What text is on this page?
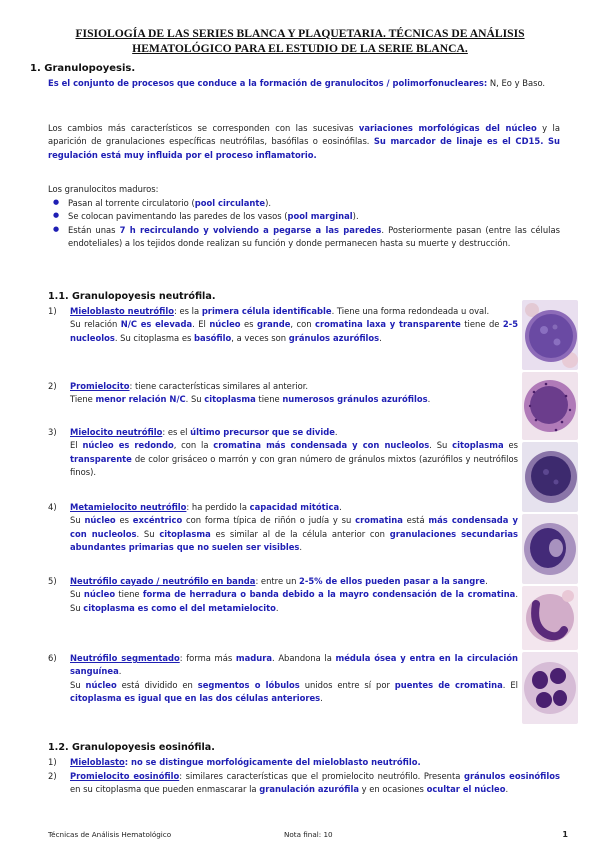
FISIOLOGÍA DE LAS SERIES BLANCA Y PLAQUETARIA. TÉCNICAS DE ANÁLISIS
HEMATOLÓGICO PARA EL ESTUDIO DE LA SERIE BLANCA.
1. Granulopoyesis.
Es el conjunto de procesos que conduce a la formación de granulocitos / polimorfonucleares: N, Eo y Baso.
Los cambios más característicos se corresponden con las sucesivas variaciones morfológicas del núcleo y la aparición de granulaciones específicas neutrófilas, basófilas o eosinófilas. Su marcador de linaje es el CD15. Su regulación está muy influida por el proceso inflamatorio.
Los granulocitos maduros:
● Pasan al torrente circulatorio (pool circulante).
● Se colocan pavimentando las paredes de los vasos (pool marginal).
● Están unas 7 h recirculando y volviendo a pegarse a las paredes. Posteriormente pasan (entre las células endoteliales) a los tejidos donde realizan su función y donde permanecen hasta su muerte y destrucción.
1.1. Granulopoyesis neutrófila.
1)	Mieloblasto neutrófilo: es la primera célula identificable. Tiene una forma redondeada u oval.
Su relación N/C es elevada. El núcleo es grande, con cromatina laxa y transparente tiene de 2-5 nucleolos. Su citoplasma es basófilo, a veces son gránulos azurófilos.
2)	Promielocito: tiene características similares al anterior.
Tiene menor relación N/C. Su citoplasma tiene numerosos gránulos azurófilos.
3)	Mielocito neutrófilo: es el último precursor que se divide.
El núcleo es redondo, con la cromatina más condensada y con nucleolos. Su citoplasma es transparente de color grisáceo o marrón y con gran número de gránulos mixtos (azurófilos y neutrófilos finos).
4)	Metamielocito neutrófilo: ha perdido la capacidad mitótica.
Su núcleo es excéntrico con forma típica de riñón o judía y su cromatina está más condensada y con nucleolos. Su citoplasma es similar al de la célula anterior con granulaciones secundarias abundantes primarias que no suelen ser visibles.
5)	Neutrófilo cayado / neutrófilo en banda: entre un 2-5% de ellos pueden pasar a la sangre.
Su núcleo tiene forma de herradura o banda debido a la mayro condensación de la cromatina. Su citoplasma es como el del metamielocito.
6)	Neutrófilo segmentado: forma más madura. Abandona la médula ósea y entra en la circulación sanguínea.
Su núcleo está dividido en segmentos o lóbulos unidos entre sí por puentes de cromatina. El citoplasma es igual que en las dos células anteriores.
1.2. Granulopoyesis eosinófila.
1)	Mieloblasto: no se distingue morfológicamente del mieloblasto neutrófilo.
2)	Promielocito eosinófilo: similares características que el promielocito neutrófilo. Presenta gránulos eosinófilos en su citoplasma que pueden enmascarar la granulación azurófila y en ocasiones ocultar el núcleo.
Técnicas de Análisis Hematológico	Nota final: 10	1
